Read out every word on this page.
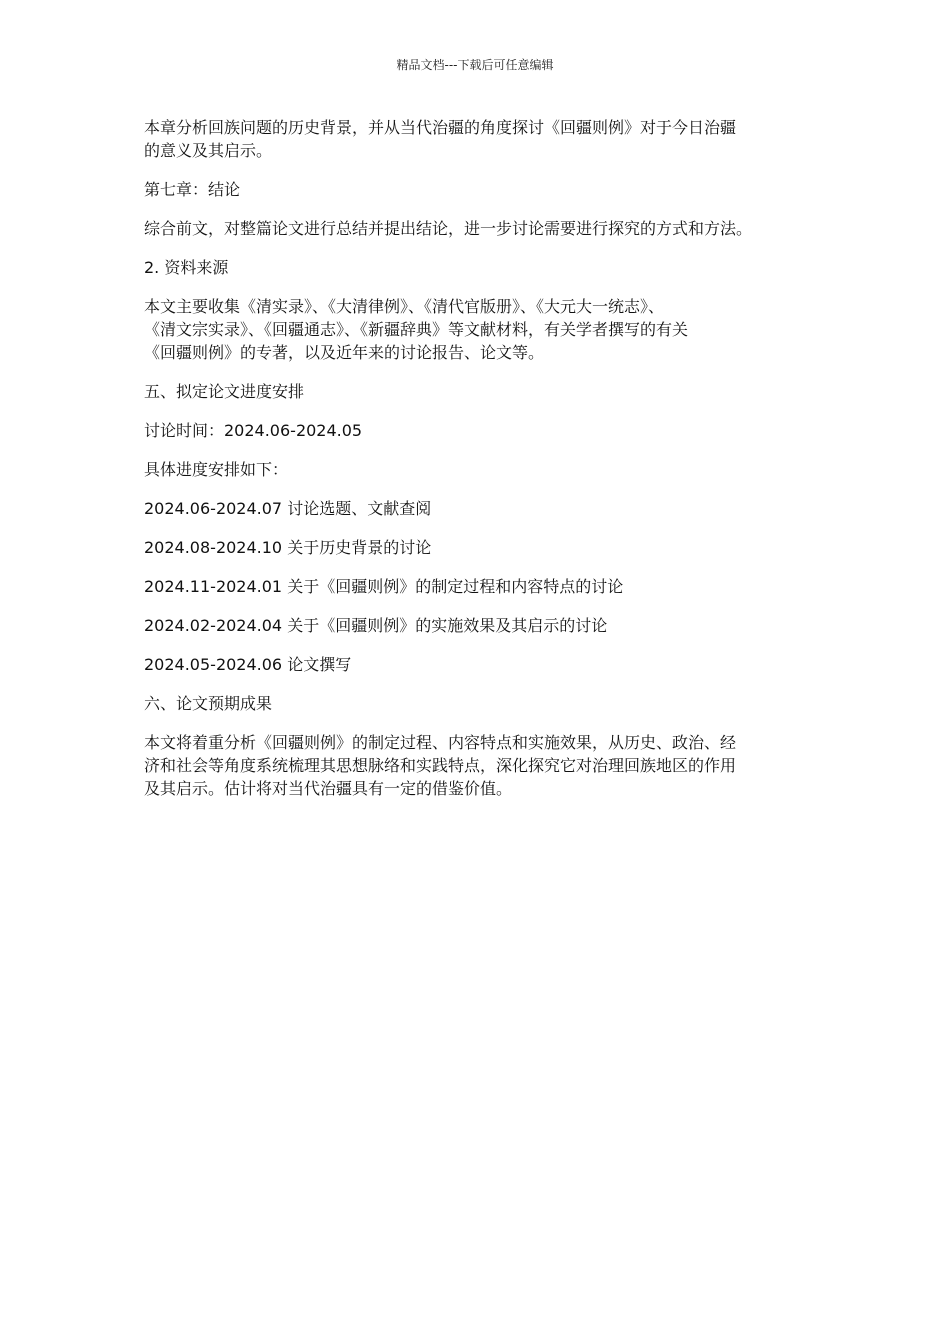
精品文档---下载后可任意编辑

本章分析回族问题的历史背景，并从当代治疆的角度探讨《回疆则例》对于今日治疆
的意义及其启示。

第七章：结论

综合前文，对整篇论文进行总结并提出结论，进一步讨论需要进行探究的方式和方法。

2. 资料来源

本文主要收集《清实录》、《大清律例》、《清代官版册》、《大元大一统志》、
《清文宗实录》、《回疆通志》、《新疆辞典》等文献材料，有关学者撰写的有关
《回疆则例》的专著，以及近年来的讨论报告、论文等。

五、拟定论文进度安排

讨论时间：2024.06-2024.05

具体进度安排如下：

2024.06-2024.07 讨论选题、文献查阅

2024.08-2024.10 关于历史背景的讨论

2024.11-2024.01 关于《回疆则例》的制定过程和内容特点的讨论

2024.02-2024.04 关于《回疆则例》的实施效果及其启示的讨论

2024.05-2024.06 论文撰写

六、论文预期成果

本文将着重分析《回疆则例》的制定过程、内容特点和实施效果，从历史、政治、经
济和社会等角度系统梳理其思想脉络和实践特点，深化探究它对治理回族地区的作用
及其启示。估计将对当代治疆具有一定的借鉴价值。
